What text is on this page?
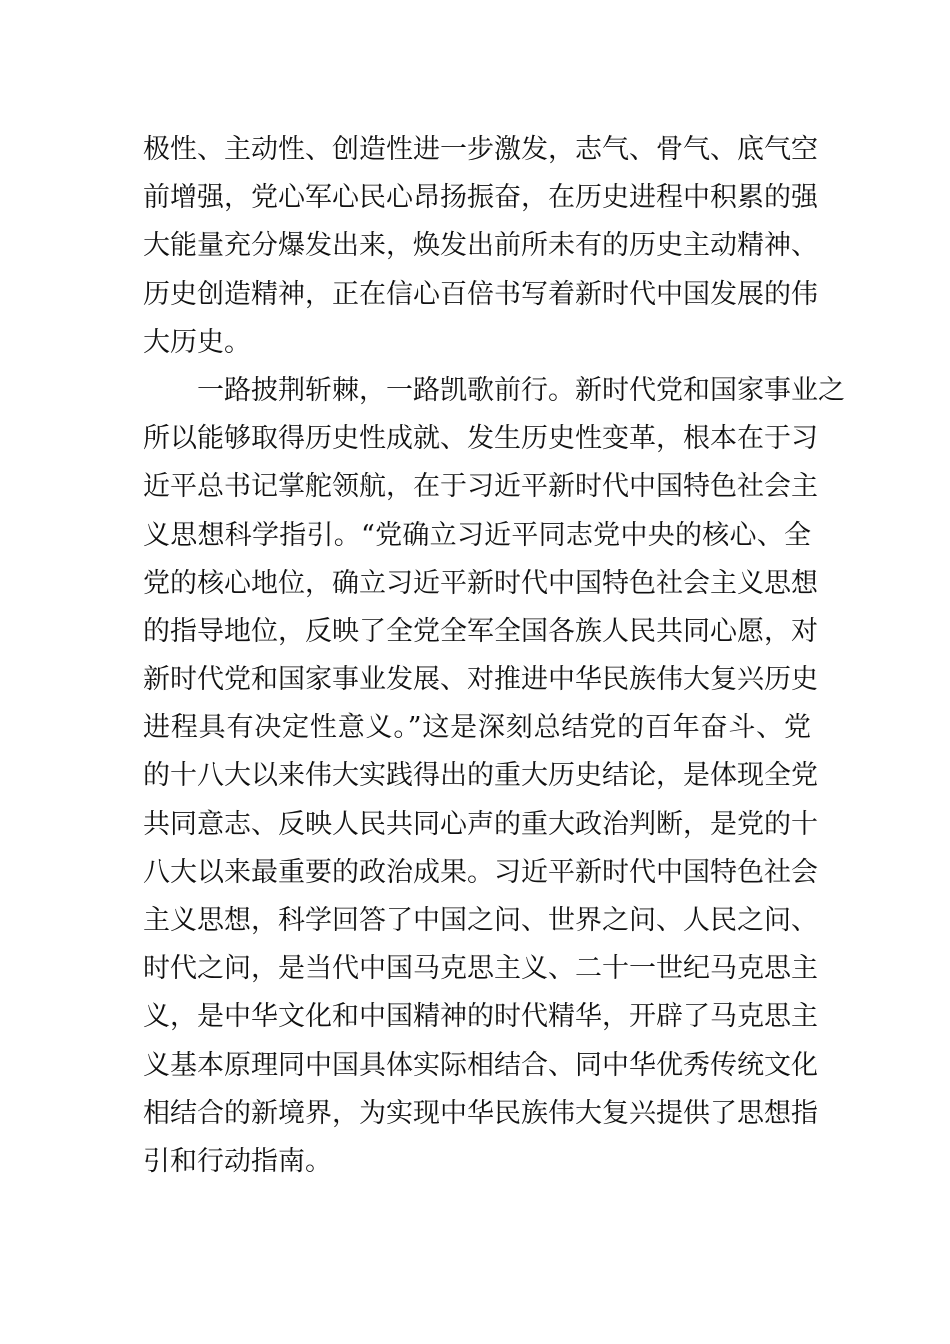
极性、主动性、创造性进一步激发，志气、骨气、底气空
前增强，党心军心民心昂扬振奋，在历史进程中积累的强
大能量充分爆发出来，焕发出前所未有的历史主动精神、
历史创造精神，正在信心百倍书写着新时代中国发展的伟
大历史。
一路披荆斩棘，一路凯歌前行。新时代党和国家事业之
所以能够取得历史性成就、发生历史性变革，根本在于习
近平总书记掌舵领航，在于习近平新时代中国特色社会主
义思想科学指引。“党确立习近平同志党中央的核心、全
党的核心地位，确立习近平新时代中国特色社会主义思想
的指导地位，反映了全党全军全国各族人民共同心愿，对
新时代党和国家事业发展、对推进中华民族伟大复兴历史
进程具有决定性意义。”这是深刻总结党的百年奋斗、党
的十八大以来伟大实践得出的重大历史结论，是体现全党
共同意志、反映人民共同心声的重大政治判断，是党的十
八大以来最重要的政治成果。习近平新时代中国特色社会
主义思想，科学回答了中国之问、世界之问、人民之问、
时代之问，是当代中国马克思主义、二十一世纪马克思主
义，是中华文化和中国精神的时代精华，开辟了马克思主
义基本原理同中国具体实际相结合、同中华优秀传统文化
相结合的新境界，为实现中华民族伟大复兴提供了思想指
引和行动指南。
